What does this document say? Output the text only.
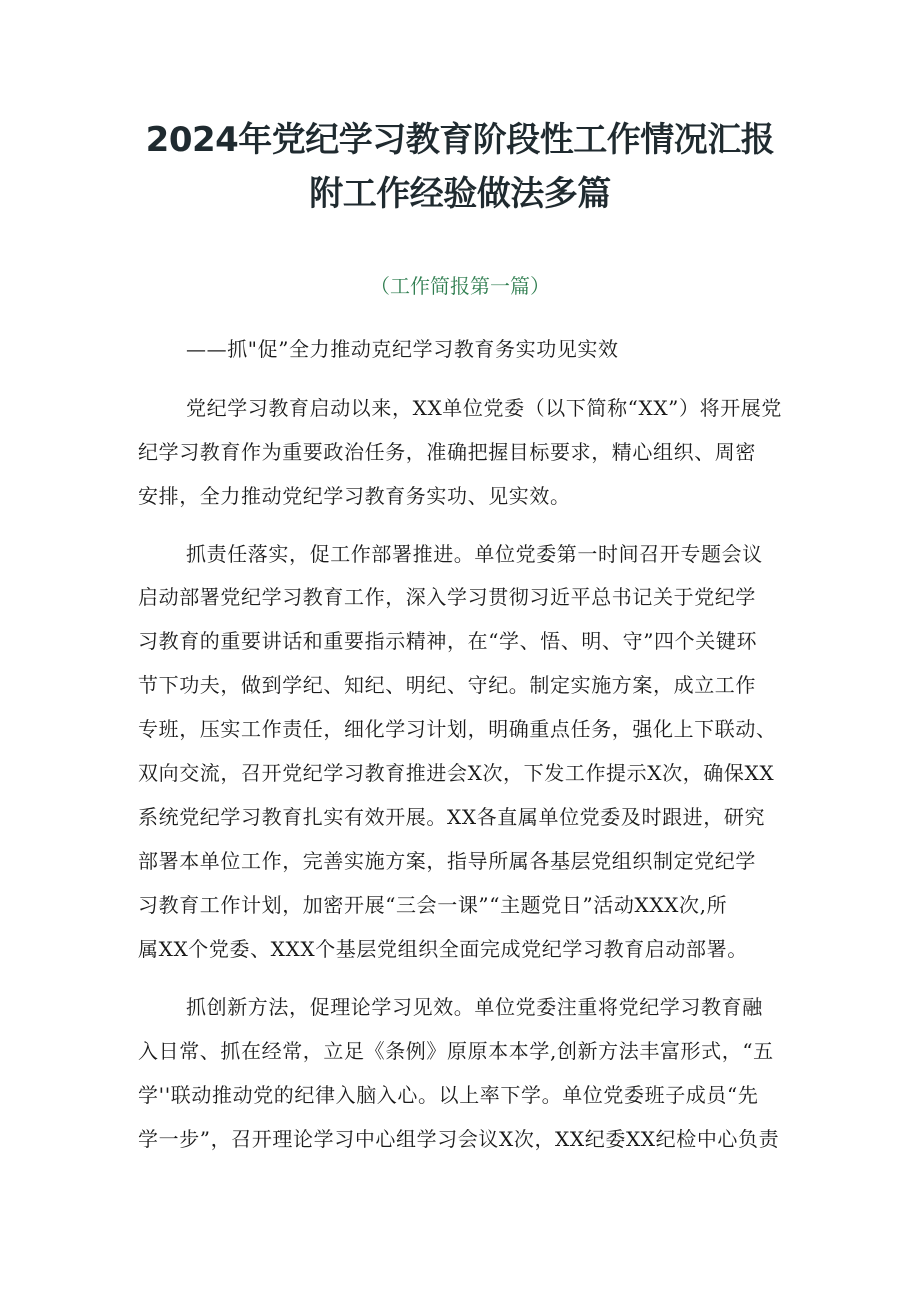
2024年党纪学习教育阶段性工作情况汇报
附工作经验做法多篇
（工作简报第一篇）
——抓"促”全力推动克纪学习教育务实功见实效
党纪学习教育启动以来，XX单位党委（以下简称“XX”）将开展党
纪学习教育作为重要政治任务，准确把握目标要求，精心组织、周密
安排，全力推动党纪学习教育务实功、见实效。
抓责任落实，促工作部署推进。单位党委第一时间召开专题会议
启动部署党纪学习教育工作，深入学习贯彻习近平总书记关于党纪学
习教育的重要讲话和重要指示精神，在“学、悟、明、守”四个关键环
节下功夫，做到学纪、知纪、明纪、守纪。制定实施方案，成立工作
专班，压实工作责任，细化学习计划，明确重点任务，强化上下联动、
双向交流，召开党纪学习教育推进会X次，下发工作提示X次，确保XX
系统党纪学习教育扎实有效开展。XX各直属单位党委及时跟进，研究
部署本单位工作，完善实施方案，指导所属各基层党组织制定党纪学
习教育工作计划，加密开展“三会一课”“主题党日”活动XXX次,所
属XX个党委、XXX个基层党组织全面完成党纪学习教育启动部署。
抓创新方法，促理论学习见效。单位党委注重将党纪学习教育融
入日常、抓在经常，立足《条例》原原本本学,创新方法丰富形式，“五
学''联动推动党的纪律入脑入心。以上率下学。单位党委班子成员“先
学一步”，召开理论学习中心组学习会议X次，XX纪委XX纪检中心负责
